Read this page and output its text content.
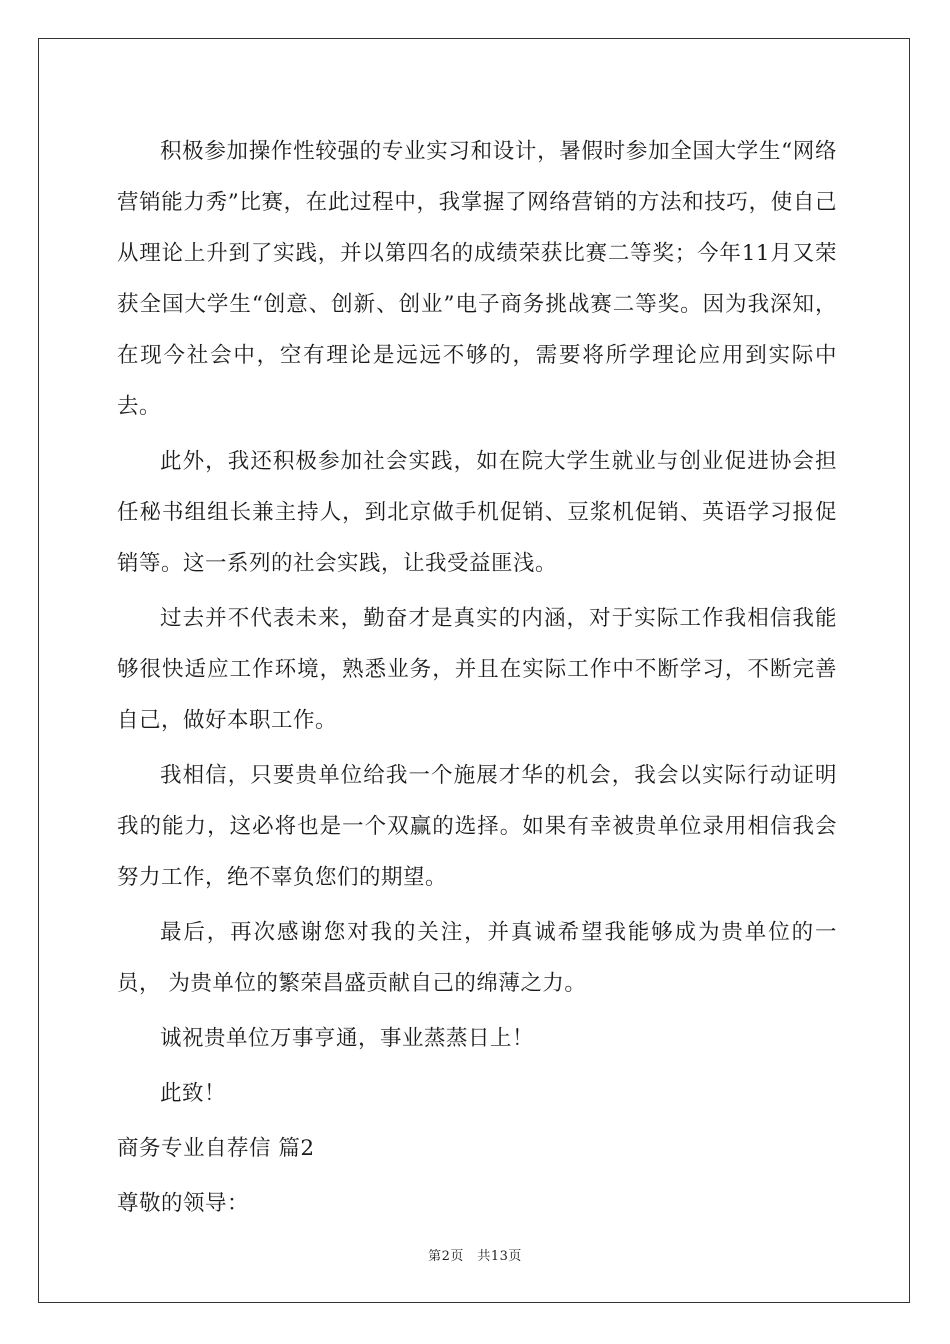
积极参加操作性较强的专业实习和设计，暑假时参加全国大学生“网络营销能力秀”比赛，在此过程中，我掌握了网络营销的方法和技巧，使自己从理论上升到了实践，并以第四名的成绩荣获比赛二等奖；今年11月又荣获全国大学生“创意、创新、创业”电子商务挑战赛二等奖。因为我深知，在现今社会中，空有理论是远远不够的，需要将所学理论应用到实际中去。

此外，我还积极参加社会实践，如在院大学生就业与创业促进协会担任秘书组组长兼主持人，到北京做手机促销、豆浆机促销、英语学习报促销等。这一系列的社会实践，让我受益匪浅。

过去并不代表未来，勤奋才是真实的内涵，对于实际工作我相信我能够很快适应工作环境，熟悉业务，并且在实际工作中不断学习，不断完善自己，做好本职工作。

我相信，只要贵单位给我一个施展才华的机会，我会以实际行动证明我的能力，这必将也是一个双赢的选择。如果有幸被贵单位录用相信我会努力工作，绝不辜负您们的期望。

最后，再次感谢您对我的关注，并真诚希望我能够成为贵单位的一员， 为贵单位的繁荣昌盛贡献自己的绵薄之力。

诚祝贵单位万事亨通，事业蒸蒸日上！

此致！

商务专业自荐信 篇2

尊敬的领导：

第2页　共13页
